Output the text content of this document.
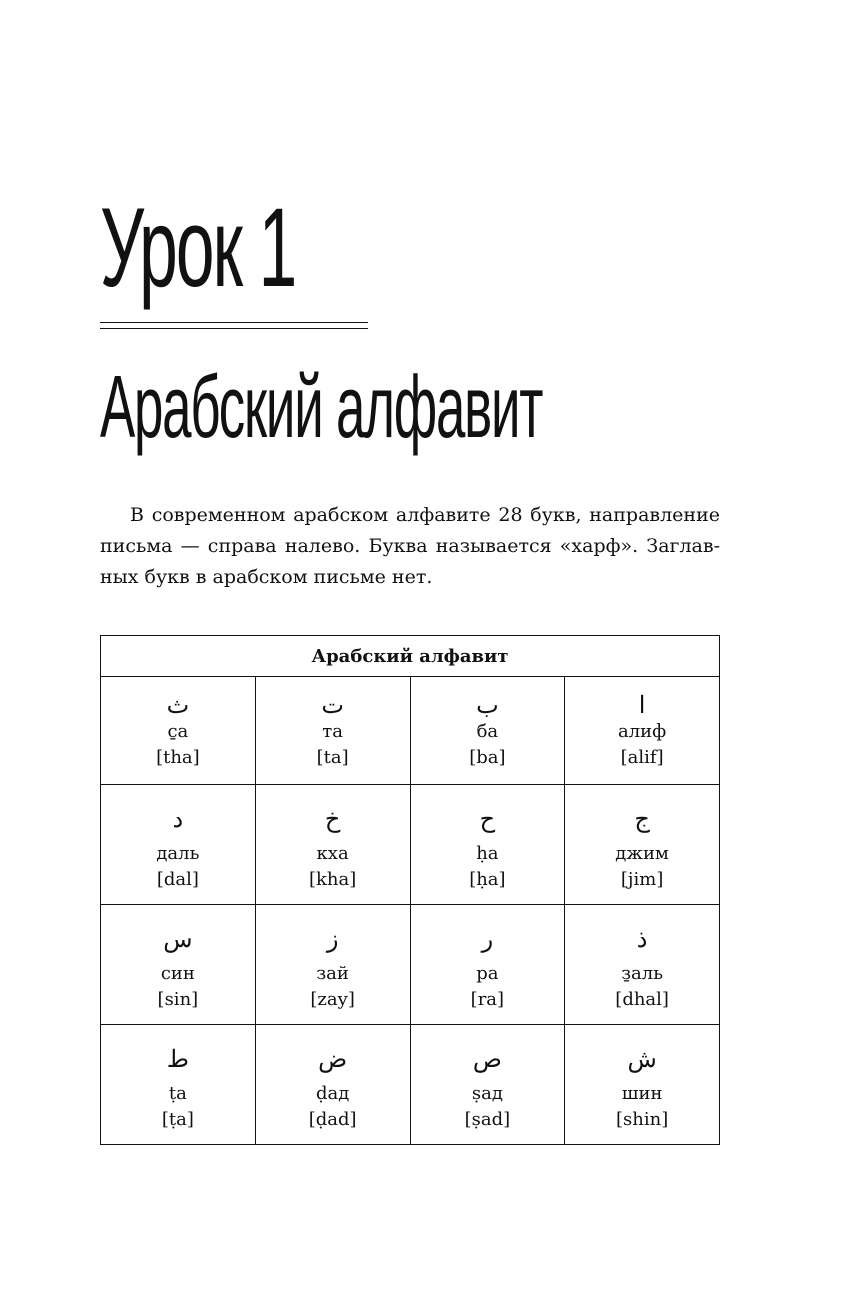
Урок 1
Арабский алфавит
В современном арабском алфавите 28 букв, направление
письма — справа налево. Буква называется «харф». Заглав-
ных букв в арабском письме нет.
Арабский алфавит			

ث
c̱а
[tha]	ت
та
[ta]	ب
ба
[ba]	ا
алиф
[alif]

د
даль
[dal]	خ
кха
[kha]	ح
ḥа
[ḥa]	ج
джим
[jim]

س
син
[sin]	ز
зай
[zay]	ر
ра
[ra]	ذ
з̱аль
[dhal]

ط
ṭа
[ṭa]	ض
ḍад
[ḍad]	ص
ṣад
[ṣad]	ش
шин
[shin]
